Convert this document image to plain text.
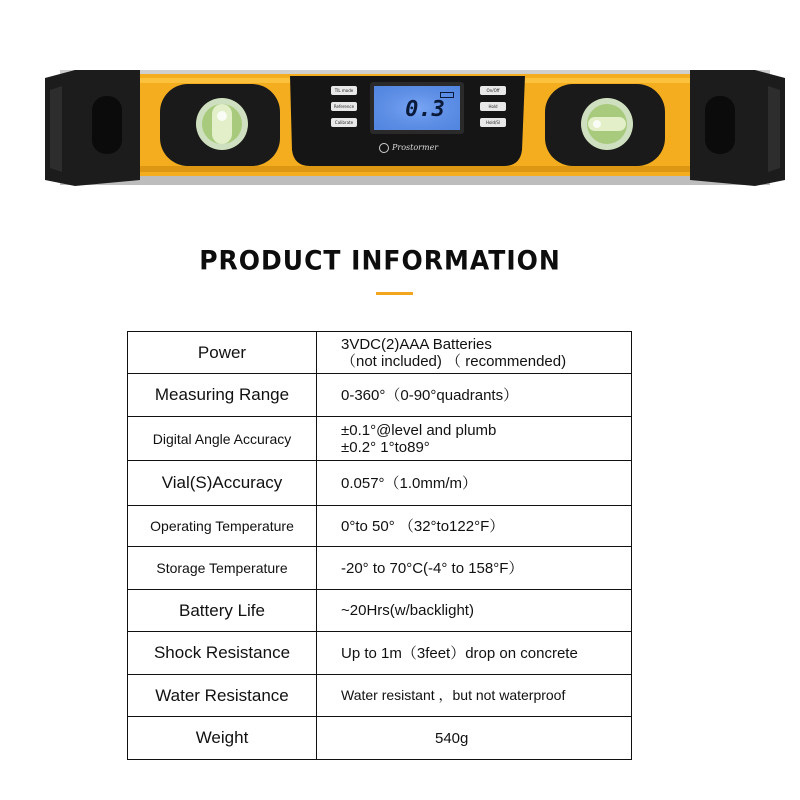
0.3
TIL mode
Reference
Calibrate
On/Off
Hold
Hold/Sl
Prostormer
PRODUCT INFORMATION
Power	3VDC(2)AAA Batteries
（not included) （ recommended)

Measuring Range	0-360°（0-90°quadrants）
Digital Angle Accuracy	±0.1°@level and plumb
±0.2° 1°to89°

Vial(S)Accuracy	0.057°（1.0mm/m）
Operating Temperature	0°to 50° （32°to122°F）
Storage Temperature	-20° to 70°C(-4° to 158°F）
Battery Life	~20Hrs(w/backlight)
Shock Resistance	Up to 1m（3feet）drop on concrete
Water Resistance	Water resistant ，but not waterproof
Weight	540g
